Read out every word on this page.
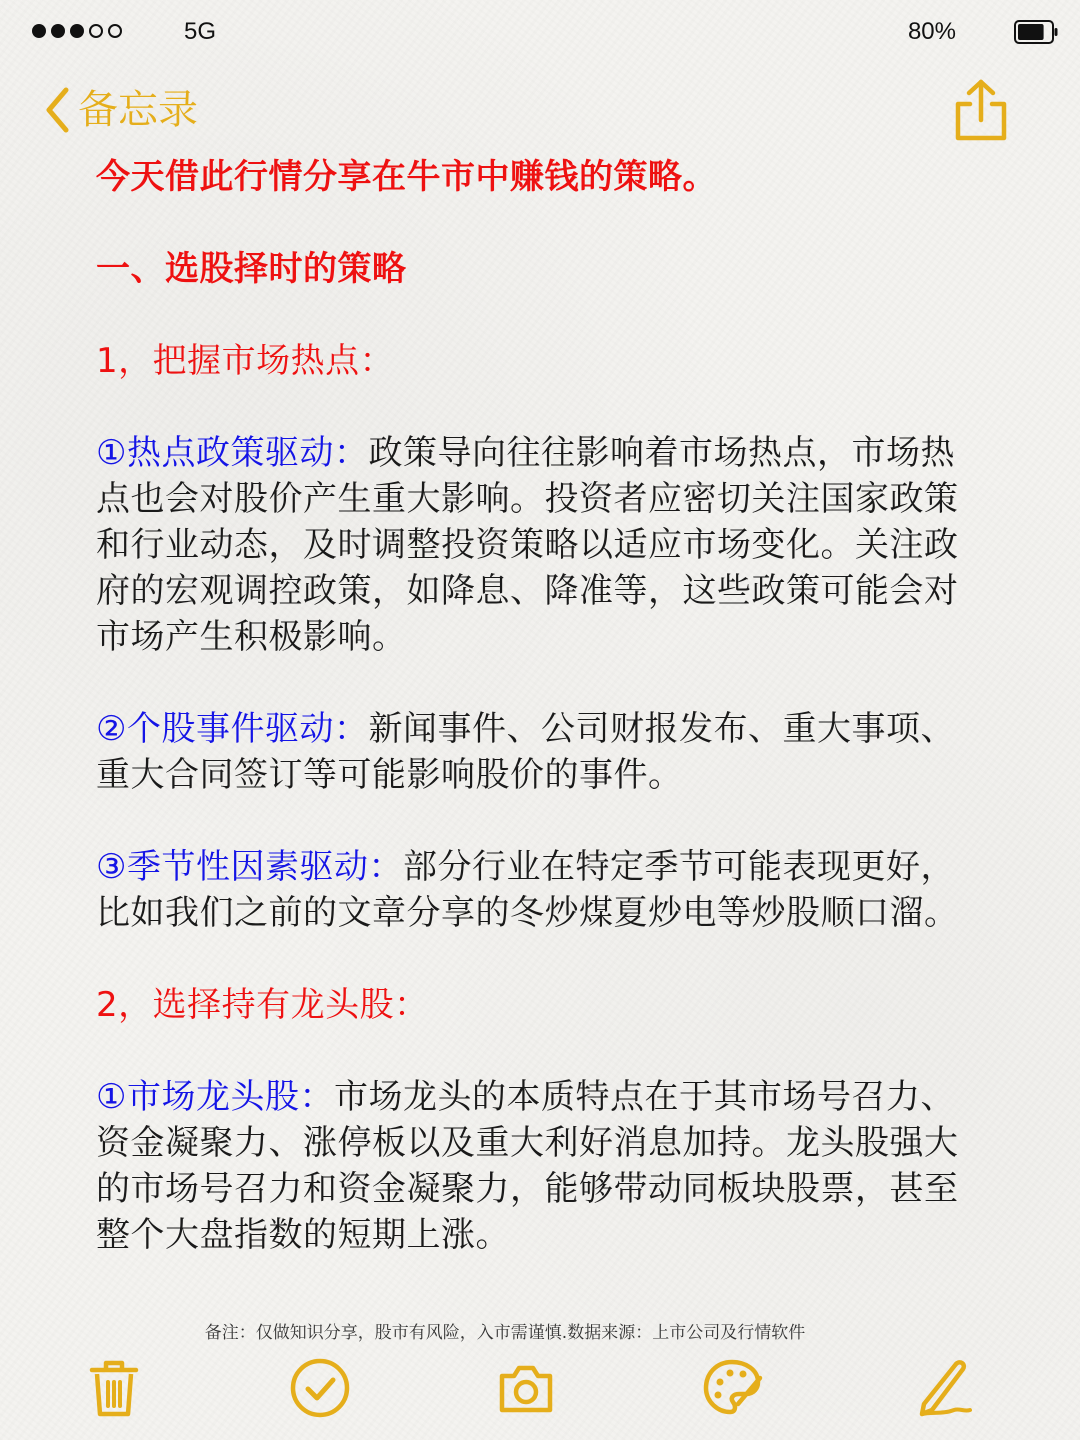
5G	80%
备忘录

今天借此行情分享在牛市中赚钱的策略。

一、选股择时的策略

1，把握市场热点：

①热点政策驱动：政策导向往往影响着市场热点，市场热点也会对股价产生重大影响。投资者应密切关注国家政策和行业动态，及时调整投资策略以适应市场变化。关注政府的宏观调控政策，如降息、降准等，这些政策可能会对市场产生积极影响。

②个股事件驱动：新闻事件、公司财报发布、重大事项、重大合同签订等可能影响股价的事件。

③季节性因素驱动：部分行业在特定季节可能表现更好，比如我们之前的文章分享的冬炒煤夏炒电等炒股顺口溜。

2，选择持有龙头股：

①市场龙头股：市场龙头的本质特点在于其市场号召力、资金凝聚力、涨停板以及重大利好消息加持。龙头股强大的市场号召力和资金凝聚力，能够带动同板块股票，甚至整个大盘指数的短期上涨。

备注：仅做知识分享，股市有风险，入市需谨慎.数据来源：上市公司及行情软件
